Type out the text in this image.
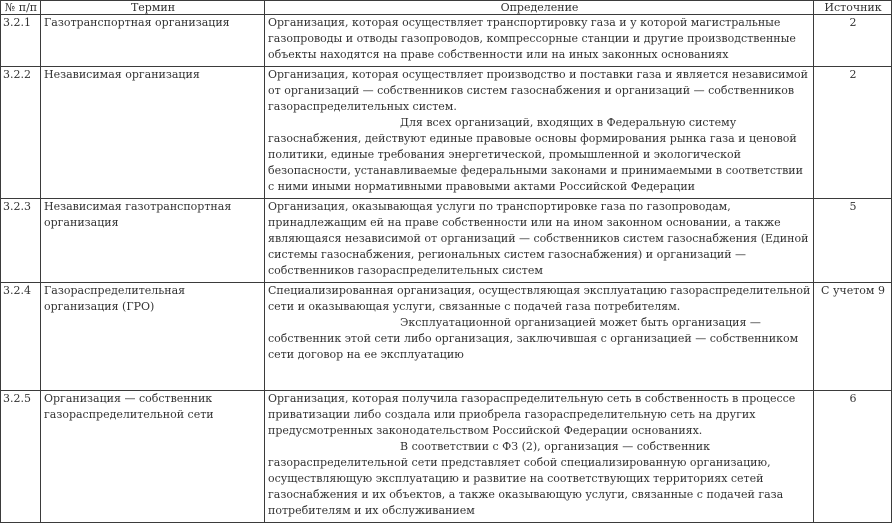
№ п/п	Термин	Определение	Источник
3.2.1	Газотранспортная организация	Организация, которая осуществляет транспортировку газа и у которой магистральные газопроводы и отводы газопроводов, компрессорные станции и другие производственные объекты находятся на праве собственности или на иных законных основаниях	2
3.2.2	Независимая организация	Организация, которая осуществляет производство и поставки газа и является независимой от организаций — собственников систем газоснабжения и организаций — собственников газораспределительных систем.
Для всех организаций, входящих в Федеральную систему газоснабжения, действуют единые правовые основы формирования рынка газа и ценовой политики, единые требования энергетической, промышленной и экологической безопасности, устанавливаемые федеральными законами и принимаемыми в соответствии с ними иными нормативными правовыми актами Российской Федерации	2
3.2.3	Независимая газотранспортная организация	Организация, оказывающая услуги по транспортировке газа по газопроводам, принадлежащим ей на праве собственности или на ином законном основании, а также являющаяся независимой от организаций — собственников систем газоснабжения (Единой системы газоснабжения, региональных систем газоснабжения) и организаций — собственников газораспределительных систем	5
3.2.4	Газораспределительная организация (ГРО)	Специализированная организация, осуществляющая эксплуатацию газораспределительной сети и оказывающая услуги, связанные с подачей газа потребителям.
Эксплуатационной организацией может быть организация — собственник этой сети либо организация, заключившая с организацией — собственником сети договор на ее эксплуатацию	С учетом 9
3.2.5	Организация — собственник газораспределительной сети	Организация, которая получила газораспределительную сеть в собственность в процессе приватизации либо создала или приобрела газораспределительную сеть на других предусмотренных законодательством Российской Федерации основаниях.
В соответствии с ФЗ (2), организация — собственник газораспределительной сети представляет собой специализированную организацию, осуществляющую эксплуатацию и развитие на соответствующих территориях сетей газоснабжения и их объектов, а также оказывающую услуги, связанные с подачей газа потребителям и их обслуживанием	6
